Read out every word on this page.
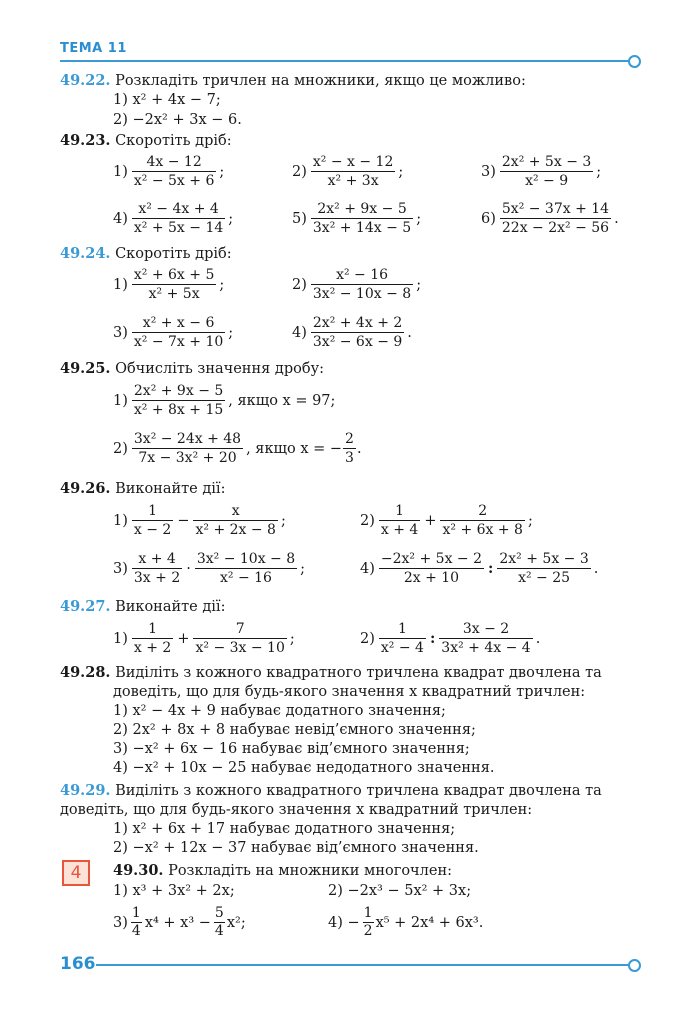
ТЕМА 11
49.22. Розкладіть тричлен на множники, якщо це можливо:
1) x² + 4x − 7;
2) −2x² + 3x − 6.
49.23. Скоротіть дріб:
$1) \frac{4x - 12}{\text{x² − 5x + 6}}$ ;	$2) \frac{\text{x² − x − 12}}{\text{x² + 3x}}$ ;	$3) \frac{\text{2x² + 5x − 3}}{\text{x² − 9}}$ ;
$4) \frac{\text{x² − 4x + 4}}{\text{x² + 5x − 14}}$ ;	$5) \frac{\text{2x² + 9x − 5}}{\text{3x² + 14x − 5}}$ ;	$6) \frac{\text{5x² − 37x + 14}}{\text{22x − 2x² − 56}}$ .
49.24. Скоротіть дріб:
$1) \frac{\text{x² + 6x + 5}}{\text{x² + 5x}}$ ;	$2) \frac{\text{x² − 16}}{\text{3x² − 10x − 8}}$ ;
$3) \frac{\text{x² + x − 6}}{\text{x² − 7x + 10}}$ ;	$4) \frac{\text{2x² + 4x + 2}}{\text{3x² − 6x − 9}}$ .
49.25. Обчисліть значення дробу:
$1) \frac{\text{2x² + 9x − 5}}{\text{x² + 8x + 15}}$ , якщо x = 97;
$2) \frac{\text{3x² − 24x + 48}}{\text{7x − 3x² + 20}}$ , якщо x = − $\frac{2}{3}$ .
49.26. Виконайте дії:
$1) \frac{1}{x - 2} - \frac{x}{\text{x² + 2x − 8}}$ ;	$2) \frac{1}{x + 4} + \frac{2}{\text{x² + 6x + 8}}$ ;
$3) \frac{x + 4}{3x + 2} \cdot \frac{\text{3x² − 10x − 8}}{\text{x² − 16}}$ ;	$4) \frac{\text{−2x² + 5x − 2}}{2x + 10}$ : $\frac{\text{2x² + 5x − 3}}{\text{x² − 25}}$ .
49.27. Виконайте дії:
$1) \frac{1}{x + 2} + \frac{7}{\text{x² − 3x − 10}}$ ;	$2) \frac{1}{\text{x² − 4}}$ : $\frac{3x - 2}{\text{3x² + 4x − 4}}$ .
49.28. Виділіть з кожного квадратного тричлена квадрат двочлена та
доведіть, що для будь-якого значення x квадратний тричлен:
1) x² − 4x + 9 набуває додатного значення;
2) 2x² + 8x + 8 набуває невід’ємного значення;
3) −x² + 6x − 16 набуває від’ємного значення;
4) −x² + 10x − 25 набуває недодатного значення.
49.29. Виділіть з кожного квадратного тричлена квадрат двочлена та
доведіть, що для будь-якого значення x квадратний тричлен:
1) x² + 6x + 17 набуває додатного значення;
2) −x² + 12x − 37 набуває від’ємного значення.
4	49.30. Розкладіть на множники многочлен:
1) x³ + 3x² + 2x;	2) −2x³ − 5x² + 3x;
$3) \frac{1}{4} x^4 + x^3 - \frac{5}{4} x^2$;	$4) - \frac{1}{2} x^5 + 2x^4 + 6x^3$.
166
